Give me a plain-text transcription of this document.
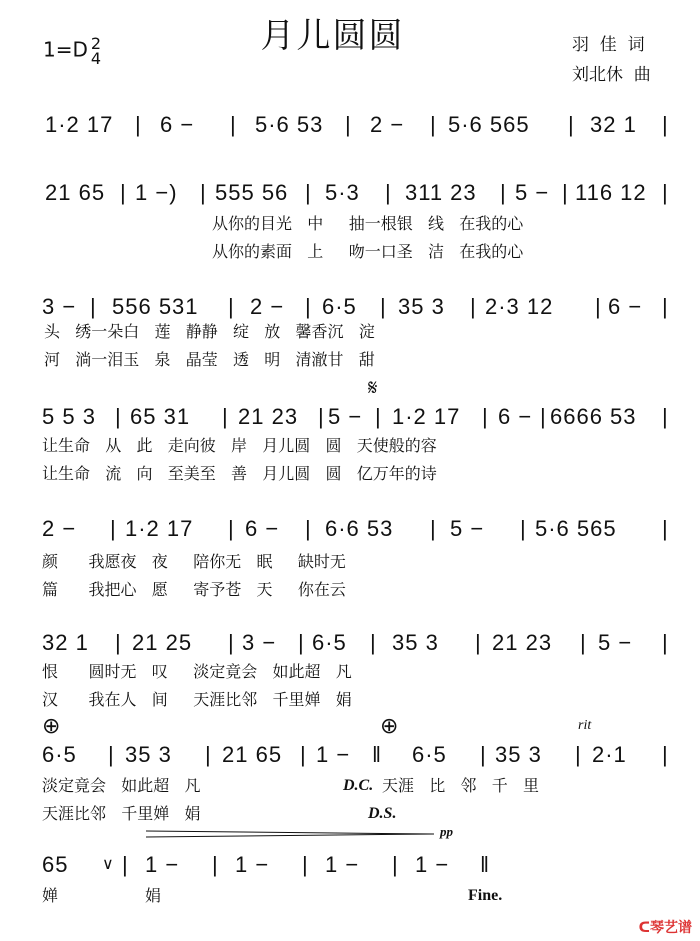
月儿圆圆
1=D 2
4
羽  佳  词
刘北休  曲
1·2 17 | 6 − | 5·6 53 | 2 − | 5·6 565 | 32 1 |
21 65 | 1 −) | 555 56 | 5·3 | 311 23 | 5 − | 116 12 |
从你的目光   中     抽一根银   线   在我的心
从你的素面   上     吻一口圣   洁   在我的心
3 − | 556 531 | 2 − | 6·5 | 35 3 | 2·3 12 | 6 − |
头   绣一朵白   莲   静静   绽   放   馨香沉   淀
河   淌一泪玉   泉   晶莹   透   明   清澈甘   甜
𝄋
5 5 3 | 65 31 | 21 23 | 5 − | 1·2 17 | 6 − | 6666 53 |
让生命   从   此   走向彼   岸   月儿圆   圆   天使般的容
让生命   流   向   至美至   善   月儿圆   圆   亿万年的诗
2 − | 1·2 17 | 6 − | 6·6 53 | 5 − | 5·6 565 |
颜      我愿夜   夜     陪你无   眠     缺时无
篇      我把心   愿     寄予苍   天     你在云
32 1 | 21 25 | 3 − | 6·5 | 35 3 | 21 23 | 5 − |
恨      圆时无   叹     淡定竟会   如此超   凡
汉      我在人   间     天涯比邻   千里婵   娟
⊕	⊕	rit
6·5 | 35 3 | 21 65 | 1 − ‖ 6·5 | 35 3 | 2·1 |
淡定竟会   如此超   凡	D.C. 天涯   比   邻   千   里
天涯比邻   千里婵   娟	D.S.
pp
65 ∨ | 1 − | 1 − | 1 − | 1 − ‖
婵	娟	Fine.
ᑕ琴艺谱
